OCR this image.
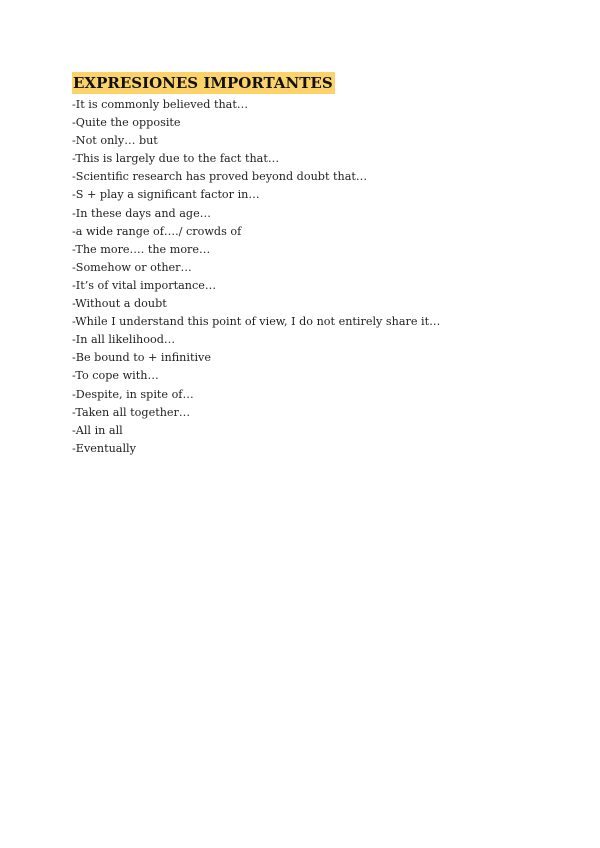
EXPRESIONES IMPORTANTES
-It is commonly believed that…
-Quite the opposite
-Not only… but
-This is largely due to the fact that…
-Scientific research has proved beyond doubt that…
-S + play a significant factor in…
-In these days and age…
-a wide range of…./ crowds of
-The more…. the more…
-Somehow or other…
-It’s of vital importance…
-Without a doubt
-While I understand this point of view, I do not entirely share it…
-In all likelihood…
-Be bound to + infinitive
-To cope with…
-Despite, in spite of…
-Taken all together…
-All in all
-Eventually
